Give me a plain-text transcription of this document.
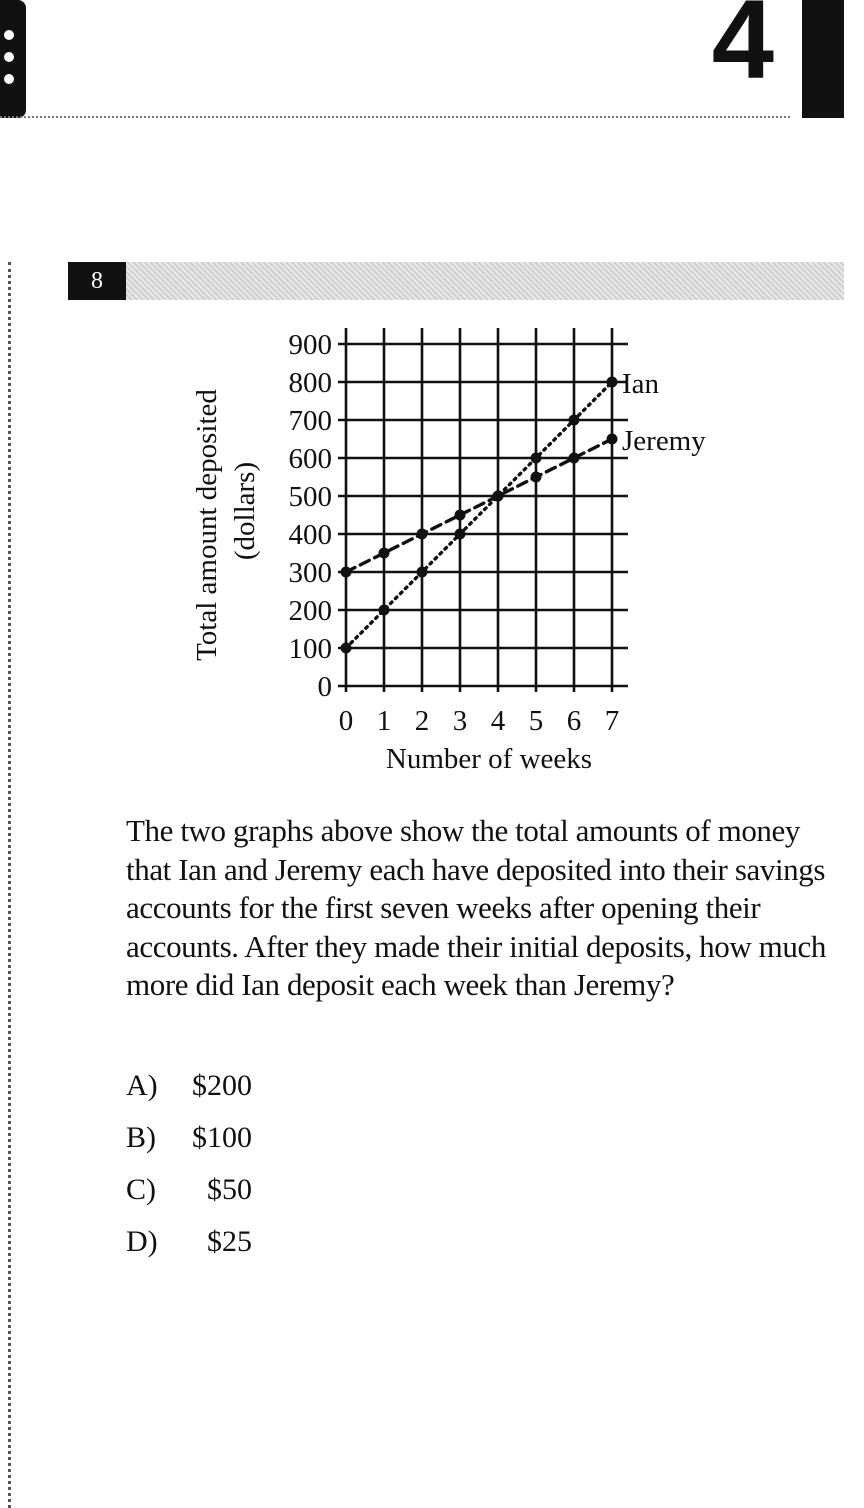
4
8
0 1 2 3 4 5 6 7
0
100
200
300
400
500
600
700
800
900
Total amount deposited (dollars)
Number of weeks
Ian
Jeremy

The two graphs above show the total amounts of money that Ian and Jeremy each have deposited into their savings accounts for the first seven weeks after opening their accounts. After they made their initial deposits, how much more did Ian deposit each week than Jeremy?

A)	$200
B)	$100
C)	$50
D)	$25
